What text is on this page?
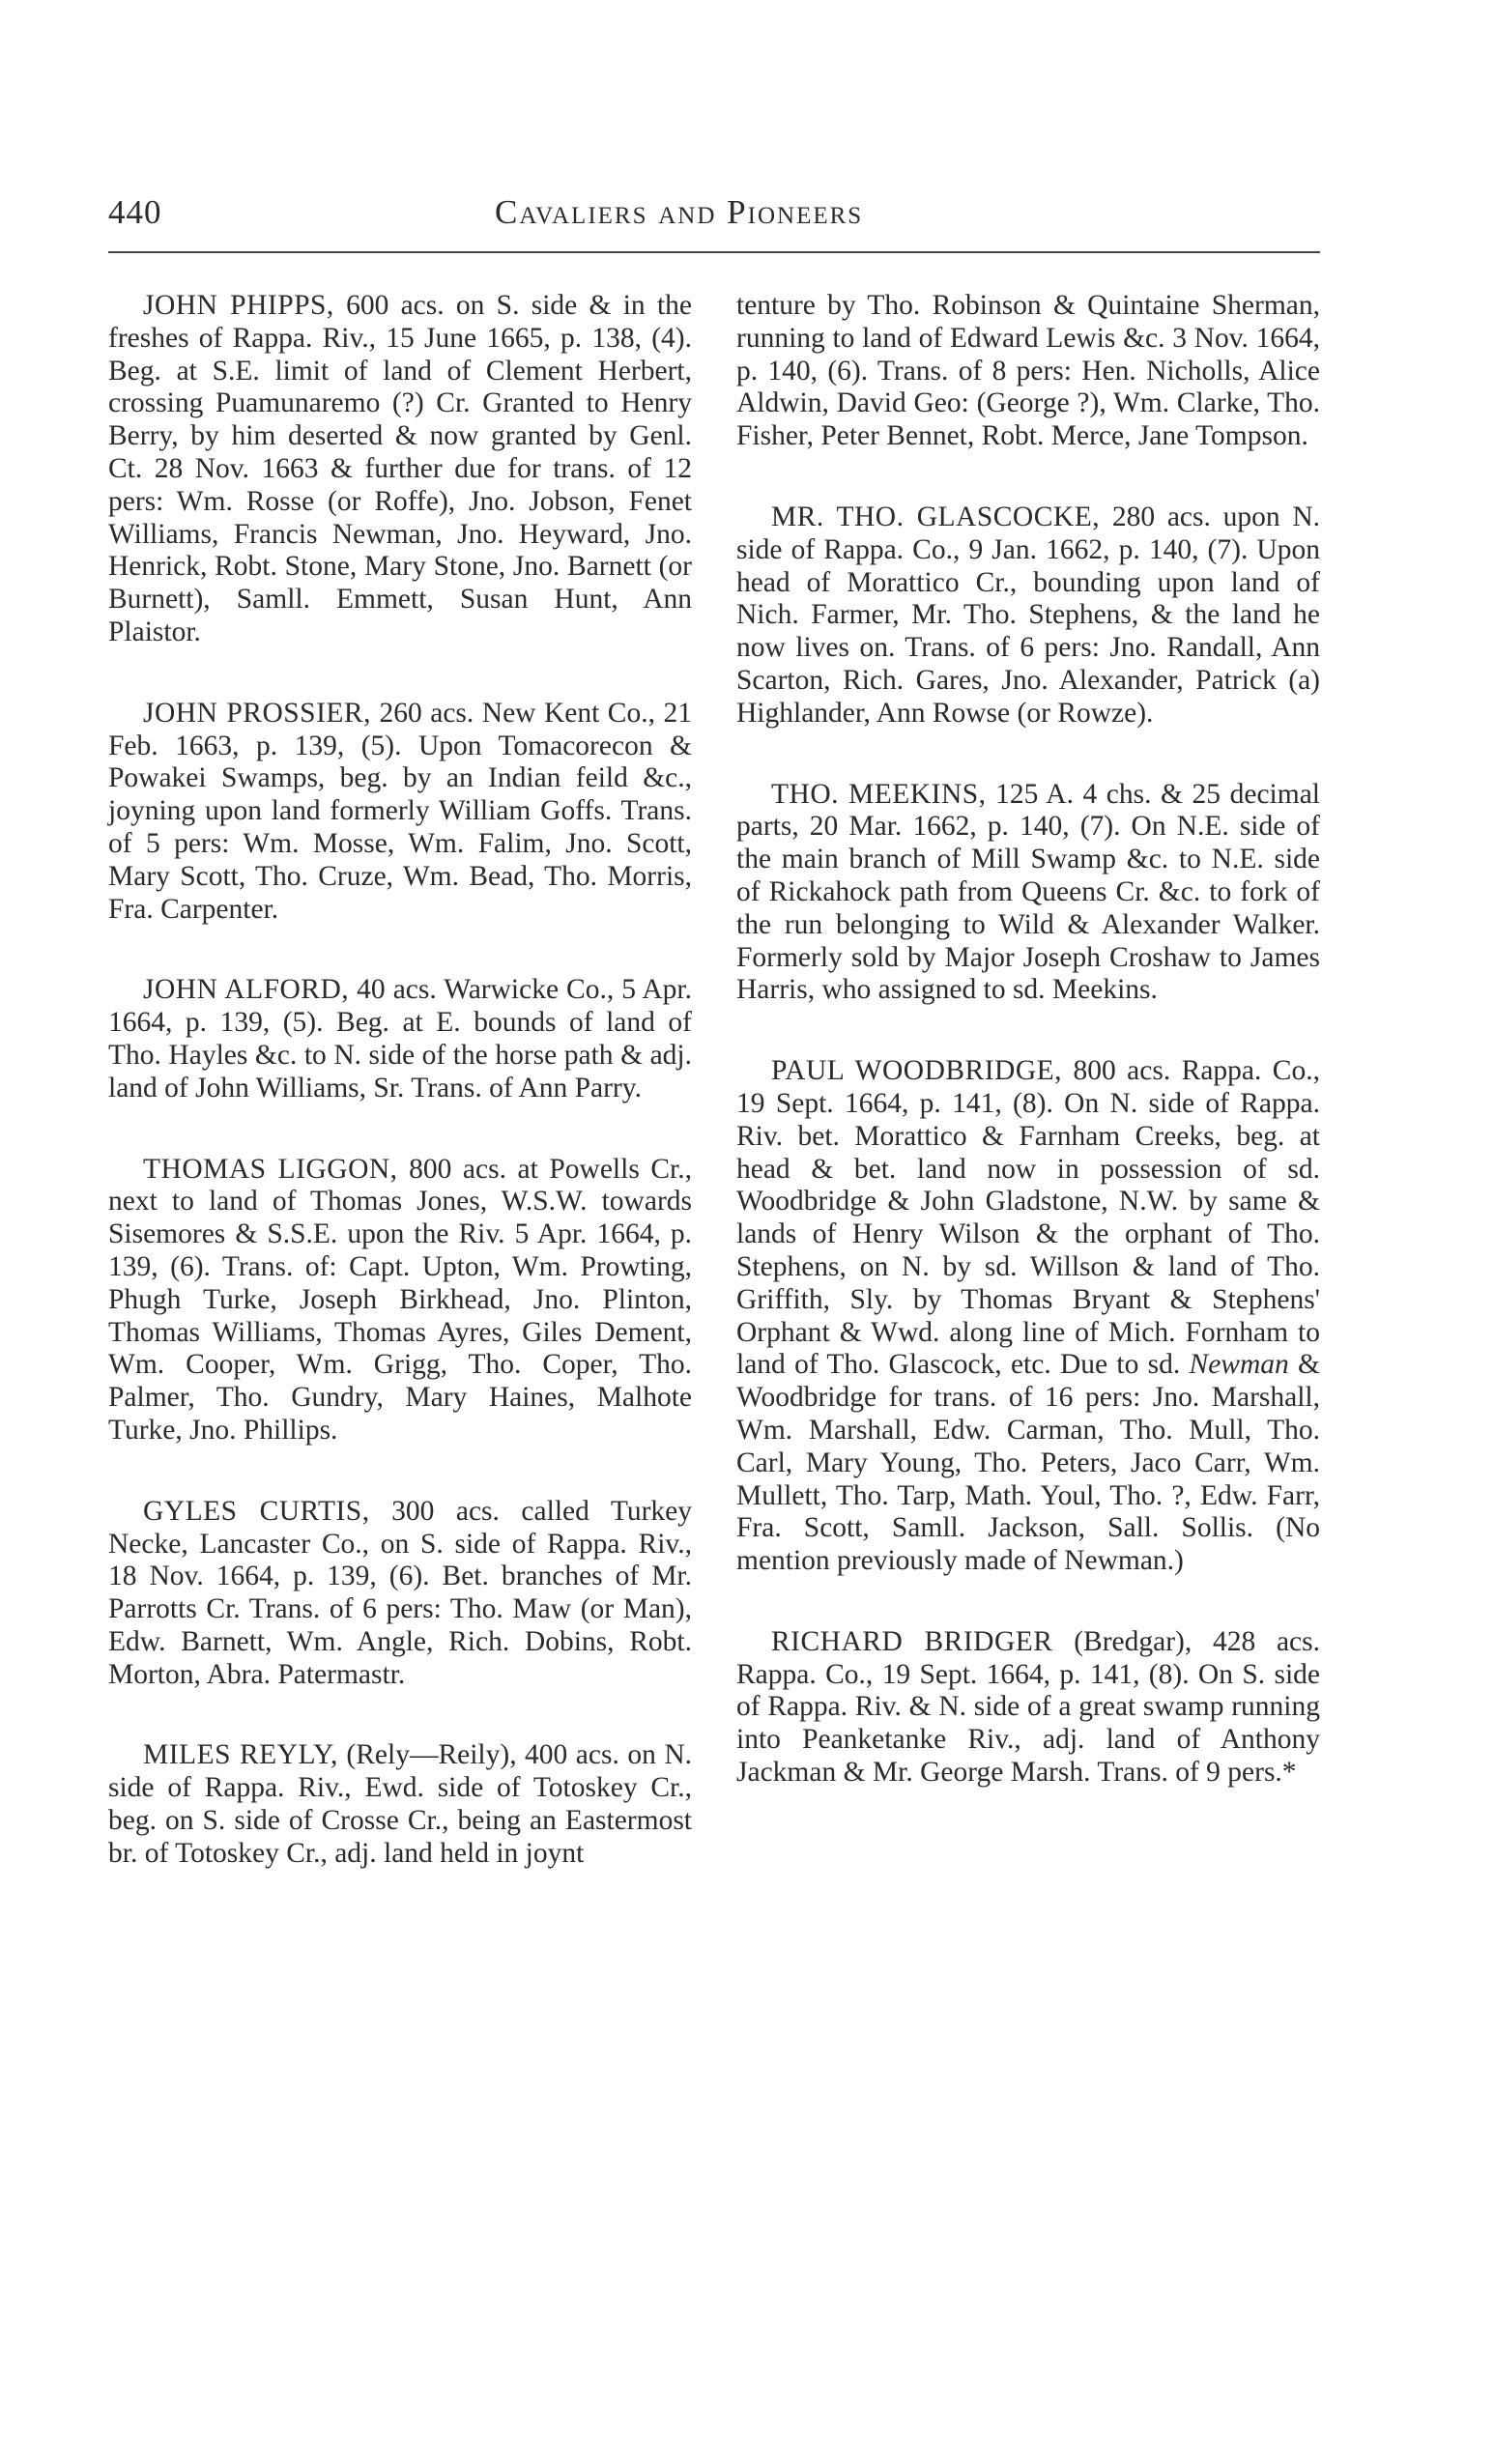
440	Cavaliers and Pioneers

JOHN PHIPPS, 600 acs. on S. side & in the freshes of Rappa. Riv., 15 June 1665, p. 138, (4). Beg. at S.E. limit of land of Clement Herbert, crossing Puamunaremo (?) Cr. Granted to Henry Berry, by him deserted & now granted by Genl. Ct. 28 Nov. 1663 & further due for trans. of 12 pers: Wm. Rosse (or Roffe), Jno. Jobson, Fenet Williams, Francis Newman, Jno. Heyward, Jno. Henrick, Robt. Stone, Mary Stone, Jno. Barnett (or Burnett), Samll. Emmett, Susan Hunt, Ann Plaistor.

JOHN PROSSIER, 260 acs. New Kent Co., 21 Feb. 1663, p. 139, (5). Upon Tomacorecon & Powakei Swamps, beg. by an Indian feild &c., joyning upon land formerly William Goffs. Trans. of 5 pers: Wm. Mosse, Wm. Falim, Jno. Scott, Mary Scott, Tho. Cruze, Wm. Bead, Tho. Morris, Fra. Carpenter.

JOHN ALFORD, 40 acs. Warwicke Co., 5 Apr. 1664, p. 139, (5). Beg. at E. bounds of land of Tho. Hayles &c. to N. side of the horse path & adj. land of John Williams, Sr. Trans. of Ann Parry.

THOMAS LIGGON, 800 acs. at Powells Cr., next to land of Thomas Jones, W.S.W. towards Sisemores & S.S.E. upon the Riv. 5 Apr. 1664, p. 139, (6). Trans. of: Capt. Upton, Wm. Prowting, Phugh Turke, Joseph Birkhead, Jno. Plinton, Thomas Williams, Thomas Ayres, Giles Dement, Wm. Cooper, Wm. Grigg, Tho. Coper, Tho. Palmer, Tho. Gundry, Mary Haines, Malhote Turke, Jno. Phillips.

GYLES CURTIS, 300 acs. called Turkey Necke, Lancaster Co., on S. side of Rappa. Riv., 18 Nov. 1664, p. 139, (6). Bet. branches of Mr. Parrotts Cr. Trans. of 6 pers: Tho. Maw (or Man), Edw. Barnett, Wm. Angle, Rich. Dobins, Robt. Morton, Abra. Patermastr.

MILES REYLY, (Rely—Reily), 400 acs. on N. side of Rappa. Riv., Ewd. side of Totoskey Cr., beg. on S. side of Crosse Cr., being an Eastermost br. of Totoskey Cr., adj. land held in joynt

tenture by Tho. Robinson & Quintaine Sherman, running to land of Edward Lewis &c. 3 Nov. 1664, p. 140, (6). Trans. of 8 pers: Hen. Nicholls, Alice Aldwin, David Geo: (George ?), Wm. Clarke, Tho. Fisher, Peter Bennet, Robt. Merce, Jane Tompson.

MR. THO. GLASCOCKE, 280 acs. upon N. side of Rappa. Co., 9 Jan. 1662, p. 140, (7). Upon head of Morattico Cr., bounding upon land of Nich. Farmer, Mr. Tho. Stephens, & the land he now lives on. Trans. of 6 pers: Jno. Randall, Ann Scarton, Rich. Gares, Jno. Alexander, Patrick (a) Highlander, Ann Rowse (or Rowze).

THO. MEEKINS, 125 A. 4 chs. & 25 decimal parts, 20 Mar. 1662, p. 140, (7). On N.E. side of the main branch of Mill Swamp &c. to N.E. side of Rickahock path from Queens Cr. &c. to fork of the run belonging to Wild & Alexander Walker. Formerly sold by Major Joseph Croshaw to James Harris, who assigned to sd. Meekins.

PAUL WOODBRIDGE, 800 acs. Rappa. Co., 19 Sept. 1664, p. 141, (8). On N. side of Rappa. Riv. bet. Morattico & Farnham Creeks, beg. at head & bet. land now in possession of sd. Woodbridge & John Gladstone, N.W. by same & lands of Henry Wilson & the orphant of Tho. Stephens, on N. by sd. Willson & land of Tho. Griffith, Sly. by Thomas Bryant & Stephens' Orphant & Wwd. along line of Mich. Fornham to land of Tho. Glascock, etc. Due to sd. Newman & Woodbridge for trans. of 16 pers: Jno. Marshall, Wm. Marshall, Edw. Carman, Tho. Mull, Tho. Carl, Mary Young, Tho. Peters, Jaco Carr, Wm. Mullett, Tho. Tarp, Math. Youl, Tho. ?, Edw. Farr, Fra. Scott, Samll. Jackson, Sall. Sollis. (No mention previously made of Newman.)

RICHARD BRIDGER (Bredgar), 428 acs. Rappa. Co., 19 Sept. 1664, p. 141, (8). On S. side of Rappa. Riv. & N. side of a great swamp running into Peanketanke Riv., adj. land of Anthony Jackman & Mr. George Marsh. Trans. of 9 pers.*
